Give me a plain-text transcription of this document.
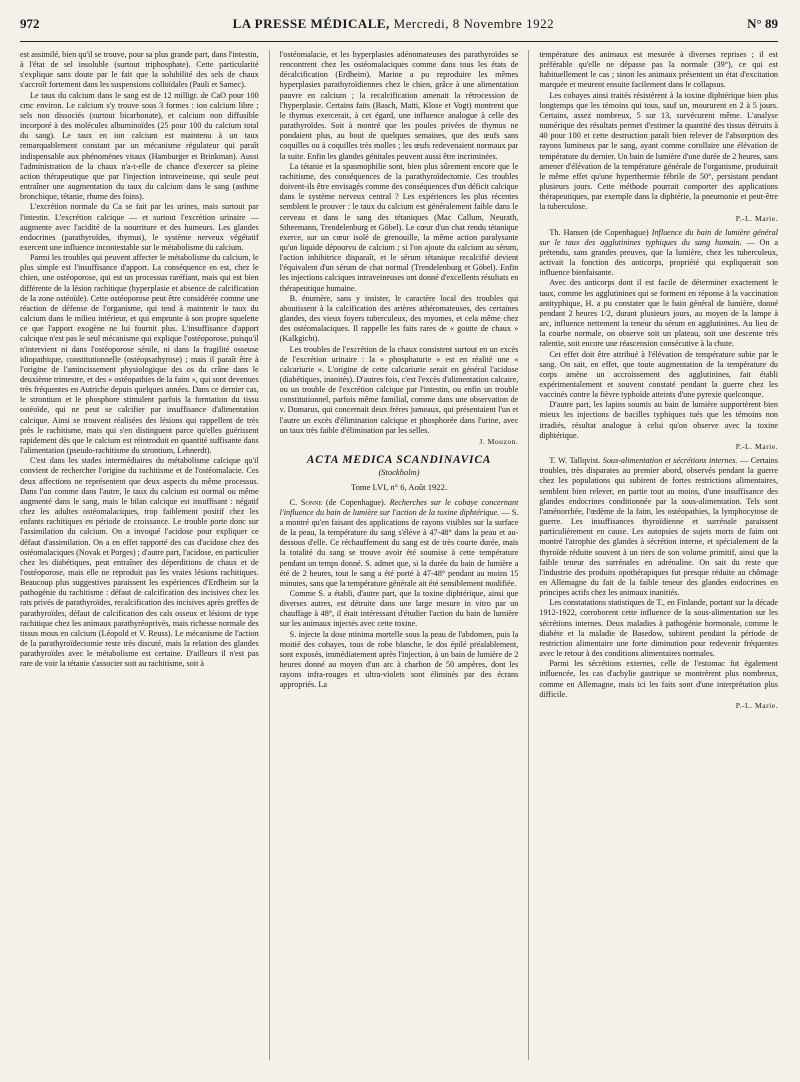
972	LA PRESSE MÉDICALE, Mercredi, 8 Novembre 1922	N° 89

est assimilé, bien qu'il se trouve, pour sa plus grande part, dans l'intestin, à l'état de sel insoluble (surtout triphosphate). Cette particularité s'explique sans doute par le fait que la solubilité des sels de chaux s'accroît fortement dans les suspensions colloïdales (Pauli et Samec).

Le taux du calcium dans le sang est de 12 milligr. de CaO pour 100 cmc environ. Le calcium s'y trouve sous 3 formes : ion calcium libre ; sels non dissociés (surtout bicarbonate), et calcium non diffusible incorporé à des molécules albuminoïdes (25 pour 100 du calcium total du sang). Le taux en ion calcium est maintenu à un taux remarquablement constant par un mécanisme régulateur qui paraît indispensable aux phénomènes vitaux (Hamburger et Brinkman). Aussi l'administration de la chaux n'a-t-elle de chance d'exercer sa pleine action thérapeutique que par l'injection intraveineuse, qui seule peut entraîner une augmentation du taux du calcium dans le sang (asthme bronchique, tétanie, rhume des foins).

L'excrétion normale du Ca se fait par les urines, mais surtout par l'intestin. L'excrétion calcique — et surtout l'excrétion urinaire — augmente avec l'acidité de la nourriture et des humeurs. Les glandes endocrines (parathyroïdes, thymus), le système nerveux végétatif exercent une influence incontestable sur le métabolisme du calcium.

Parmi les troubles qui peuvent affecter le métabolisme du calcium, le plus simple est l'insuffisance d'apport. La conséquence en est, chez le chien, une ostéoporose, qui est un processus raréfiant, mais qui est bien différente de la lésion rachitique (hyperplasie et absence de calcification de la zone ostéoïde). Cette ostéoporose peut être considérée comme une réaction de défense de l'organisme, qui tend à maintenir le taux du calcium dans le milieu intérieur, et qui emprunte à son propre squelette ce que l'apport exogène ne lui fournit plus. L'insuffisance d'apport calcique n'est pas le seul mécanisme qui explique l'ostéoporose, puisqu'il n'intervient ni dans l'ostéoporose sénile, ni dans la fragilité osseuse idiopathique, constitutionnelle (ostéopsathyrose) ; mais il paraît être à l'origine de l'amincissement physiologique des os du crâne dans le deuxième trimestre, et des « ostéopathies de la faim », qui sont devenues très fréquentes en Autriche depuis quelques années. Dans ce dernier cas, le strontium et le phosphore stimulent parfois la formation du tissu ostéoïde, qui ne peut se calcifier par insuffisance d'alimentation calcique. Ainsi se trouvent réalisées des lésions qui rappellent de très près le rachitisme, mais qui s'en distinguent parce qu'elles guérissent rapidement dès que le calcium est réintroduit en quantité suffisante dans l'alimentation (pseudo-rachitisme du strontium, Lehnerdt).

C'est dans les stades intermédiaires du métabolisme calcique qu'il convient de rechercher l'origine du rachitisme et de l'ostéomalacie. Ces deux affections ne représentent que deux aspects du même processus. Dans l'un comme dans l'autre, le taux du calcium est normal ou même augmenté dans le sang, mais le bilan calcique est insuffisant : négatif chez les adultes ostéomalaciques, trop faiblement positif chez les enfants rachitiques en période de croissance. Le trouble porte donc sur l'assimilation du calcium. On a invoqué l'acidose pour expliquer ce défaut d'assimilation. On a en effet rapporté des cas d'acidose chez des ostéomalaciques (Novak et Porges) ; d'autre part, l'acidose, en particulier chez les diabétiques, peut entraîner des déperditions de chaux et de l'ostéoporose, mais elle ne reproduit pas les vraies lésions rachitiques. Beaucoup plus suggestives paraissent les expériences d'Erdheim sur la pathogénie du rachitisme : défaut de calcification des incisives chez les rats privés de parathyroïdes, recalcification des incisives après greffes de parathyroïdes, défaut de calcification des cals osseux et lésions de type rachitique chez les animaux parathyréoprivés, mais richesse normale des tissus mous en calcium (Léopold et V. Reuss). Le mécanisme de l'action de la parathyroïdectomie reste très discuté, mais la relation des glandes parathyroïdes avec le métabolisme est certaine. D'ailleurs il n'est pas rare de voir la tétanie s'associer soit au rachitisme, soit à

l'ostéomalacie, et les hyperplasies adénomateuses des parathyroïdes se rencontrent chez les ostéomalaciques comme dans tous les états de décalcification (Erdheim). Marine a pu reproduire les mêmes hyperplasies parathyroïdiennes chez le chien, grâce à une alimentation pauvre en calcium ; la recalcification amenait la rétrocession de l'hyperplasie. Certains faits (Basch, Matti, Klose et Vogt) montrent que le thymus exercerait, à cet égard, une influence analogue à celle des parathyroïdes. Soit à montré que les poules privées de thymus ne pondaient plus, au bout de quelques semaines, que des œufs sans coquilles ou à coquilles très molles ; les œufs redevenaient normaux par la suite. Enfin les glandes génitales peuvent aussi être incriminées.

La tétanie et la spasmophilie sont, bien plus sûrement encore que le rachitisme, des conséquences de la parathyroïdectomie. Ces troubles doivent-ils être envisagés comme des conséquences d'un déficit calcique dans le système nerveux central ? Les expériences les plus récentes semblent le prouver : le taux du calcium est généralement faible dans le cerveau et dans le sang des tétaniques (Mac Callum, Neurath, Stheemann, Trendelenburg et Göbel). Le cœur d'un chat rendu tétanique exerce, sur un cœur isolé de grenouille, la même action paralysante qu'un liquide dépourvu de calcium ; si l'on ajoute du calcium au sérum, l'action inhibitrice disparaît, et le sérum tétanique recalcifié devient l'équivalent d'un sérum de chat normal (Trendelenburg et Göbel). Enfin les injections calciques intraveineuses ont donné d'excellents résultats en thérapeutique humaine.

B. énumère, sans y insister, le caractère local des troubles qui aboutissent à la calcification des artères athéromateuses, des certaines glandes, des vieux foyers tuberculeux, des myomes, et cela même chez des ostéomalaciques. Il rappelle les faits rares de « goutte de chaux » (Kalkgicht).

Les troubles de l'excrétion de la chaux consistent surtout en un excès de l'excrétion urinaire : la « phosphaturie » est en réalité une « calcariurie ». L'origine de cette calcariurie serait en général l'acidose (diabétiques, inanités). D'autres fois, c'est l'excès d'alimentation calcaire, ou un trouble de l'excrétion calcique par l'intestin, ou enfin un trouble constitutionnel, parfois même familial, comme dans une observation de v. Domarus, qui concernait deux frères jumeaux, qui présentaient l'un et l'autre un excès d'élimination calcique et phosphorée dans l'urine, avec un taux très faible d'élimination par les selles.

J. Mouzon.
ACTA MEDICA SCANDINAVICA
(Stockholm)
Tome LVI, n° 6, Août 1922.

C. Sonne (de Copenhague). Recherches sur le cobaye concernant l'influence du bain de lumière sur l'action de la toxine diphtérique. — S. a montré qu'en faisant des applications de rayons visibles sur la surface de la peau, la température du sang s'élève à 47-48° dans la peau et au-dessous d'elle. Ce réchauffement du sang est de très courte durée, mais la totalité du sang se trouve avoir été soumise à cette température pendant un temps donné. S. admet que, si la durée du bain de lumière a été de 2 heures, tout le sang a été porté à 47-48° pendant au moins 15 minutes, sans que la température générale ait été sensiblement modifiée.

Comme S. a établi, d'autre part, que la toxine diphtérique, ainsi que diverses autres, est détruite dans une large mesure in vitro par un chauffage à 48°, il était intéressant d'étudier l'action du bain de lumière sur les animaux injectés avec cette toxine.

S. injecte la dose minima mortelle sous la peau de l'abdomen, puis la moitié des cobayes, tous de robe blanche, le dos épilé préalablement, sont exposés, immédiatement après l'injection, à un bain de lumière de 2 heures donné au moyen d'un arc à charbon de 50 ampères, dont les rayons infra-rouges et ultra-violets sont éliminés par des écrans appropriés. La

température des animaux est mesurée à diverses reprises ; il est préférable qu'elle ne dépasse pas la normale (39°), ce qui est habituellement le cas ; sinon les animaux présentent un état d'excitation marquée et meurent ensuite facilement dans le collapsus.

Les cobayes ainsi traités résistèrent à la toxine diphtérique bien plus longtemps que les témoins qui tous, sauf un, moururent en 2 à 5 jours. Certains, assez nombreux, 5 sur 13, survécurent même. L'analyse numérique des résultats permet d'estimer la quantité des tissus détruits à 40 pour 100 et cette destruction paraît bien relever de l'absorption des rayons lumineux par le sang, ayant comme corollaire une élévation de température du dernier. Un bain de lumière d'une durée de 2 heures, sans amener d'élévation de la température générale de l'organisme, produirait le même effet qu'une hyperthermie fébrile de 50°, persistant pendant plusieurs jours. Cette méthode pourrait comporter des applications thérapeutiques, par exemple dans la diphtérie, la pneumonie et peut-être la tuberculose.

P.-L. Marie.

Th. Hansen (de Copenhague) Influence du bain de lumière général sur le taux des agglutinines typhiques du sang humain. — On a prétendu, sans grandes preuves, que la lumière, chez les tuberculeux, activait la fonction des anticorps, propriété qui expliquerait son influence bienfaisante.

Avec des anticorps dont il est facile de déterminer exactement le taux, comme les agglutinines qui se forment en réponse à la vaccination antityphique, H. a pu constater que le bain général de lumière, donné pendant 2 heures 1/2, durant plusieurs jours, au moyen de la lampe à arc, influence nettement la teneur du sérum en agglutinines. Au lieu de la courbe normale, on observe soit un plateau, soit une descente très ralentie, soit encore une réascension consécutive à la chute.

Cet effet doit être attribué à l'élévation de température subie par le sang. On sait, en effet, que toute augmentation de la température du corps amène un accroissement des agglutinines, fait établi expérimentalement et souvent constaté pendant la guerre chez les vaccinés contre la fièvre typhoïde atteints d'une pyrexie quelconque.

D'autre part, les lapins soumis au bain de lumière supportèrent bien mieux les injections de bacilles typhiques tués que les témoins non irradiés, résultat analogue à celui qu'on observe avec la toxine diphtérique.

P.-L. Marie.

T. W. Tallqvist. Sous-alimentation et sécrétions internes. — Certains troubles, très disparates au premier abord, observés pendant la guerre chez les populations qui subirent de fortes restrictions alimentaires, semblent bien relever, en partie tout au moins, d'une insuffisance des glandes endocrines conditionnée par la sous-alimentation. Tels sont l'aménorrhée, l'œdème de la faim, les ostéopathies, la lymphocytose de guerre. Les insuffisances thyroïdienne et surrénale paraissent particulièrement en cause. Les autopsies de sujets morts de faim ont montré l'atrophie des glandes à sécrétion interne, et spécialement de la thyroïde réduite souvent à un tiers de son volume primitif, ainsi que la faible teneur des surrénales en adrénaline. On sait du reste que l'industrie des produits opothérapiques fut presque réduite au chômage en Allemagne du fait de la faible teneur des glandes endocrines en principes actifs chez les animaux inanitiés.

Les constatations statistiques de T., en Finlande, portant sur la décade 1912-1922, corroborent cette influence de la sous-alimentation sur les sécrétions internes. Deux maladies à pathogénie hormonale, comme le diabète et la maladie de Basedow, subirent pendant la période de restriction alimentaire une forte diminution pour redevenir fréquentes avec le retour à des conditions alimentaires normales.

Parmi les sécrétions externes, celle de l'estomac fut également influencée, les cas d'achylie gastrique se montrèrent plus nombreux, comme en Allemagne, mais ici les faits sont d'une interprétation plus difficile.

P.-L. Marie.
